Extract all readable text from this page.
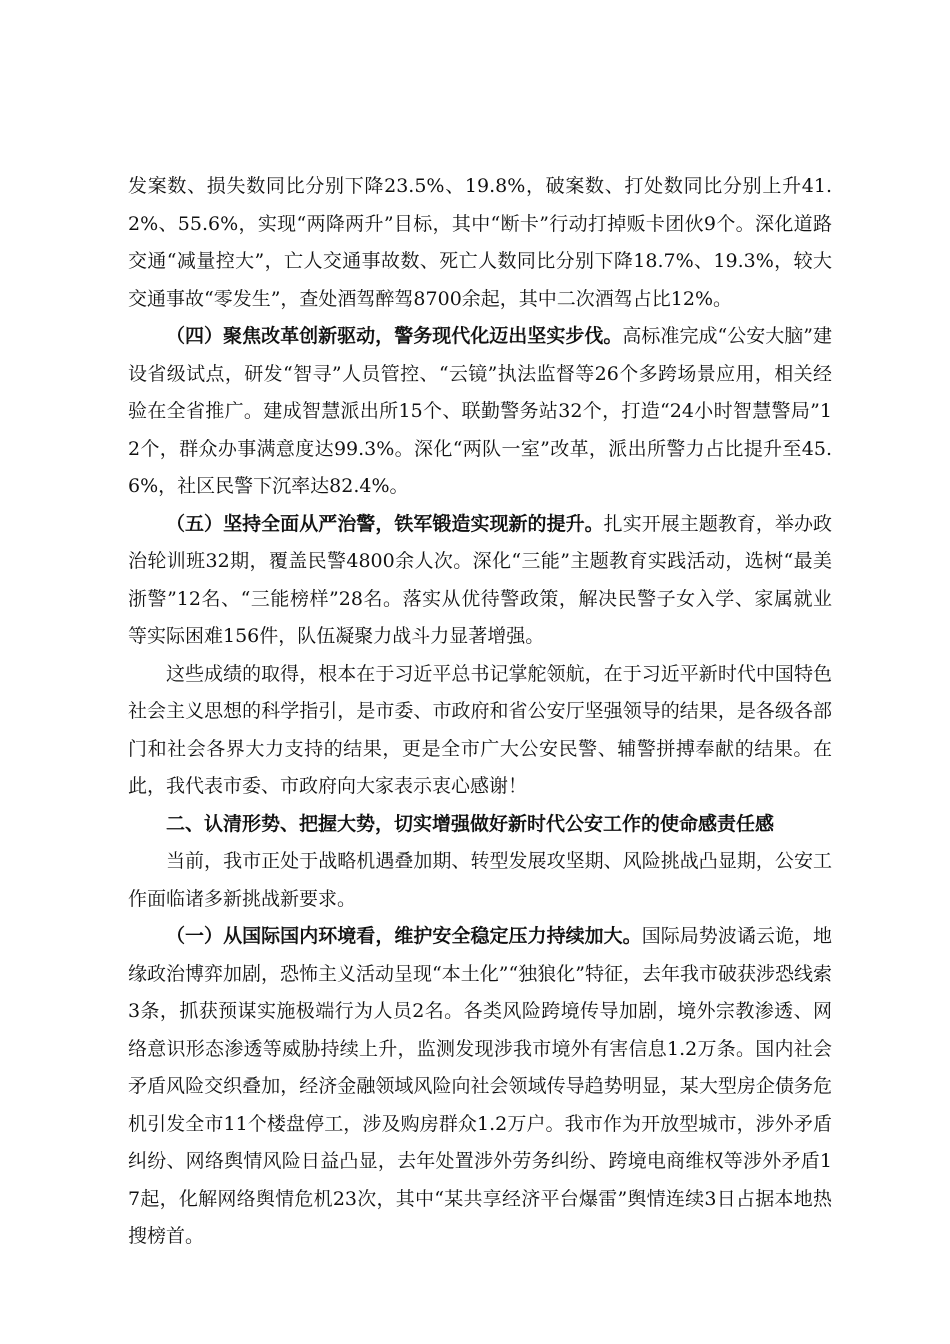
发案数、损失数同比分别下降23.5%、19.8%，破案数、打处数同比分别上升41.2%、55.6%，实现“两降两升”目标，其中“断卡”行动打掉贩卡团伙9个。深化道路交通“减量控大”，亡人交通事故数、死亡人数同比分别下降18.7%、19.3%，较大交通事故“零发生”，查处酒驾醉驾8700余起，其中二次酒驾占比12%。

（四）聚焦改革创新驱动，警务现代化迈出坚实步伐。高标准完成“公安大脑”建设省级试点，研发“智寻”人员管控、“云镜”执法监督等26个多跨场景应用，相关经验在全省推广。建成智慧派出所15个、联勤警务站32个，打造“24小时智慧警局”12个，群众办事满意度达99.3%。深化“两队一室”改革，派出所警力占比提升至45.6%，社区民警下沉率达82.4%。

（五）坚持全面从严治警，铁军锻造实现新的提升。扎实开展主题教育，举办政治轮训班32期，覆盖民警4800余人次。深化“三能”主题教育实践活动，选树“最美浙警”12名、“三能榜样”28名。落实从优待警政策，解决民警子女入学、家属就业等实际困难156件，队伍凝聚力战斗力显著增强。

这些成绩的取得，根本在于习近平总书记掌舵领航，在于习近平新时代中国特色社会主义思想的科学指引，是市委、市政府和省公安厅坚强领导的结果，是各级各部门和社会各界大力支持的结果，更是全市广大公安民警、辅警拼搏奉献的结果。在此，我代表市委、市政府向大家表示衷心感谢！

二、认清形势、把握大势，切实增强做好新时代公安工作的使命感责任感

当前，我市正处于战略机遇叠加期、转型发展攻坚期、风险挑战凸显期，公安工作面临诸多新挑战新要求。

（一）从国际国内环境看，维护安全稳定压力持续加大。国际局势波谲云诡，地缘政治博弈加剧，恐怖主义活动呈现“本土化”“独狼化”特征，去年我市破获涉恐线索3条，抓获预谋实施极端行为人员2名。各类风险跨境传导加剧，境外宗教渗透、网络意识形态渗透等威胁持续上升，监测发现涉我市境外有害信息1.2万条。国内社会矛盾风险交织叠加，经济金融领域风险向社会领域传导趋势明显，某大型房企债务危机引发全市11个楼盘停工，涉及购房群众1.2万户。我市作为开放型城市，涉外矛盾纠纷、网络舆情风险日益凸显，去年处置涉外劳务纠纷、跨境电商维权等涉外矛盾17起，化解网络舆情危机23次，其中“某共享经济平台爆雷”舆情连续3日占据本地热搜榜首。
